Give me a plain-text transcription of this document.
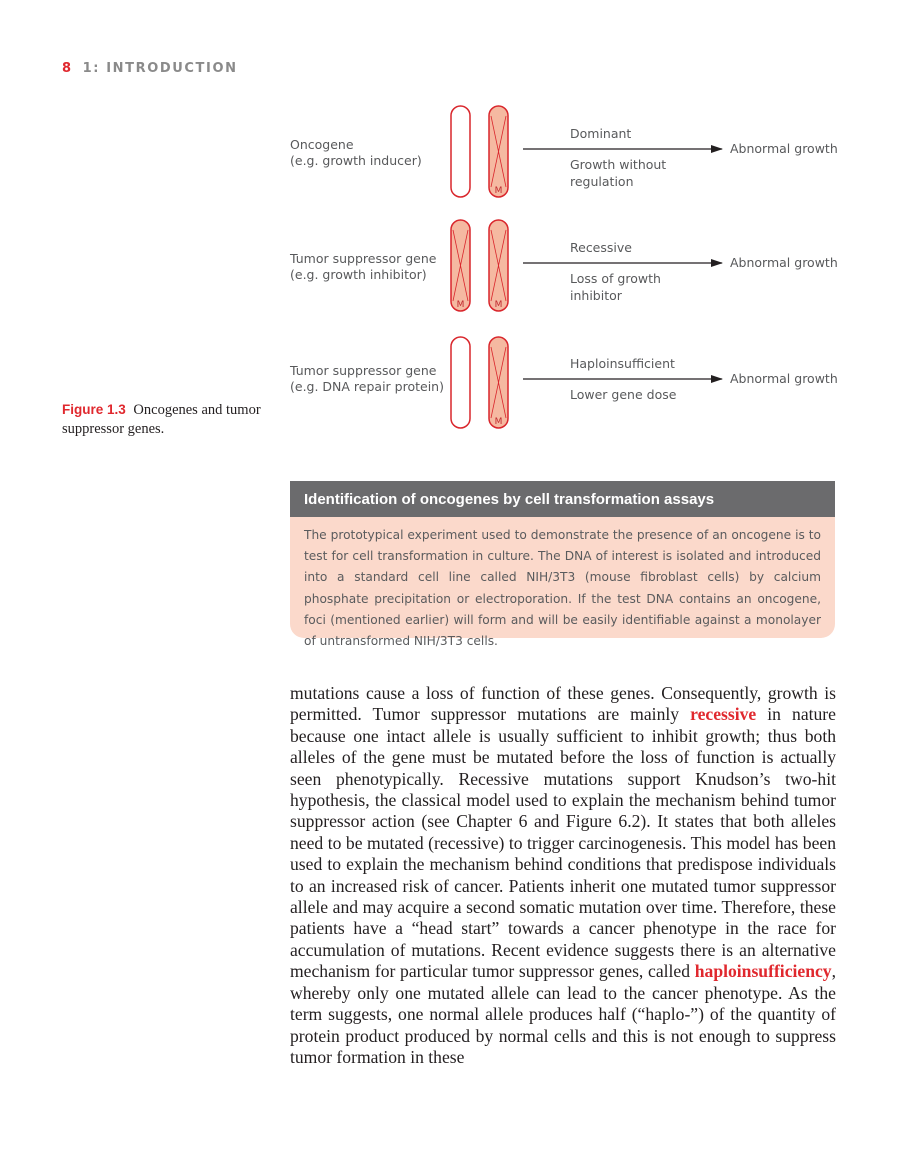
8 1: INTRODUCTION
Oncogene
(e.g. growth inducer)
M
Dominant
Growth without
regulation
Abnormal growth
Tumor suppressor gene
(e.g. growth inhibitor)
M	M
Recessive
Loss of growth
inhibitor
Abnormal growth
Tumor suppressor gene
(e.g. DNA repair protein)
M
Haploinsufficient
Lower gene dose
Abnormal growth
Figure 1.3 Oncogenes and tumor suppressor genes.
Identification of oncogenes by cell transformation assays
The prototypical experiment used to demonstrate the presence of an oncogene is to test for cell transformation in culture. The DNA of interest is isolated and introduced into a standard cell line called NIH/3T3 (mouse fibroblast cells) by calcium phosphate precipitation or electroporation. If the test DNA contains an oncogene, foci (mentioned earlier) will form and will be easily identifiable against a monolayer of untransformed NIH/3T3 cells.
mutations cause a loss of function of these genes. Consequently, growth is permitted. Tumor suppressor mutations are mainly recessive in nature because one intact allele is usually sufficient to inhibit growth; thus both alleles of the gene must be mutated before the loss of function is actually seen phenotypically. Recessive mutations support Knudson’s two-hit hypothesis, the classical model used to explain the mechanism behind tumor suppressor action (see Chapter 6 and Figure 6.2). It states that both alleles need to be mutated (recessive) to trigger carcinogenesis. This model has been used to explain the mechanism behind conditions that predispose individuals to an increased risk of cancer. Patients inherit one mutated tumor suppressor allele and may acquire a second somatic mutation over time. Therefore, these patients have a “head start” towards a cancer phenotype in the race for accumulation of mutations. Recent evidence suggests there is an alternative mechanism for particular tumor suppressor genes, called haploinsufficiency, whereby only one mutated allele can lead to the cancer phenotype. As the term suggests, one normal allele produces half (“haplo-”) of the quantity of protein product produced by normal cells and this is not enough to suppress tumor formation in these
